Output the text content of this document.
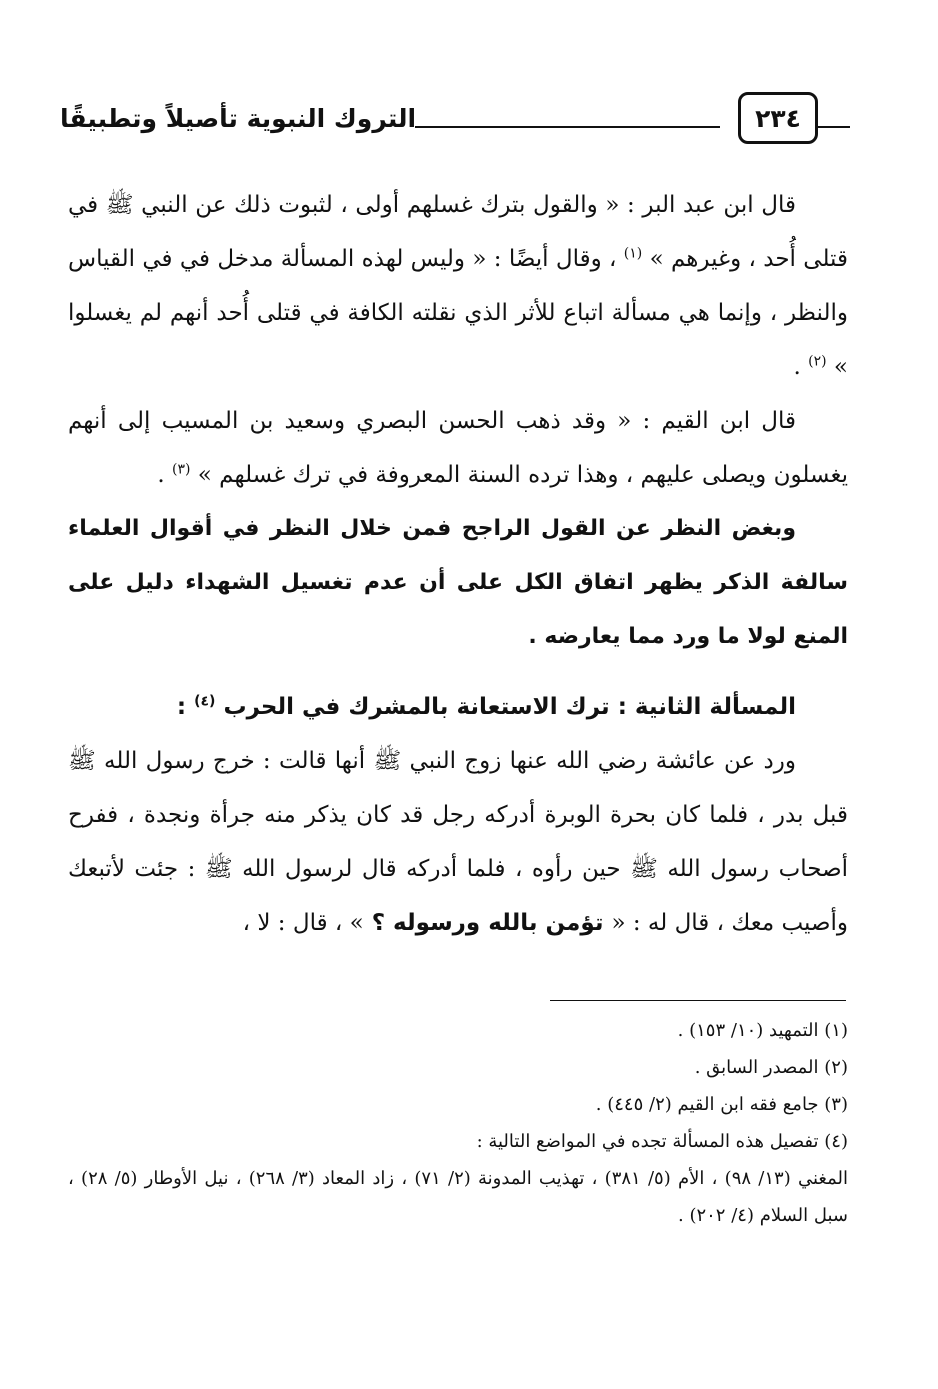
التروك النبوية تأصيلاً وتطبيقًا	٢٣٤

قال ابن عبد البر : « والقول بترك غسلهم أولى ، لثبوت ذلك عن النبي ﷺ في قتلى أُحد ، وغيرهم » $^{(١)}$ ، وقال أيضًا : « وليس لهذه المسألة مدخل في في القياس والنظر ، وإنما هي مسألة اتباع للأثر الذي نقلته الكافة في قتلى أُحد أنهم لم يغسلوا » $^{(٢)}$ .

قال ابن القيم : « وقد ذهب الحسن البصري وسعيد بن المسيب إلى أنهم يغسلون ويصلى عليهم ، وهذا ترده السنة المعروفة في ترك غسلهم » $^{(٣)}$ .

وبغض النظر عن القول الراجح فمن خلال النظر في أقوال العلماء سالفة الذكر يظهر اتفاق الكل على أن عدم تغسيل الشهداء دليل على المنع لولا ما ورد مما يعارضه .

المسألة الثانية : ترك الاستعانة بالمشرك في الحرب $^{(٤)}$ :

ورد عن عائشة رضي الله عنها زوج النبي ﷺ أنها قالت : خرج رسول الله ﷺ قبل بدر ، فلما كان بحرة الوبرة أدركه رجل قد كان يذكر منه جرأة ونجدة ، ففرح أصحاب رسول الله ﷺ حين رأوه ، فلما أدركه قال لرسول الله ﷺ : جئت لأتبعك وأصيب معك ، قال له : « تؤمن بالله ورسوله ؟ » ، قال : لا ،

(١) التمهيد (١٠/ ١٥٣) .

(٢) المصدر السابق .

(٣) جامع فقه ابن القيم (٢/ ٤٤٥) .

(٤) تفصيل هذه المسألة تجده في المواضع التالية :

المغني (١٣/ ٩٨) ، الأم (٥/ ٣٨١) ، تهذيب المدونة (٢/ ٧١) ، زاد المعاد (٣/ ٢٦٨) ، نيل الأوطار (٥/ ٢٨) ، سبل السلام (٤/ ٢٠٢) .
